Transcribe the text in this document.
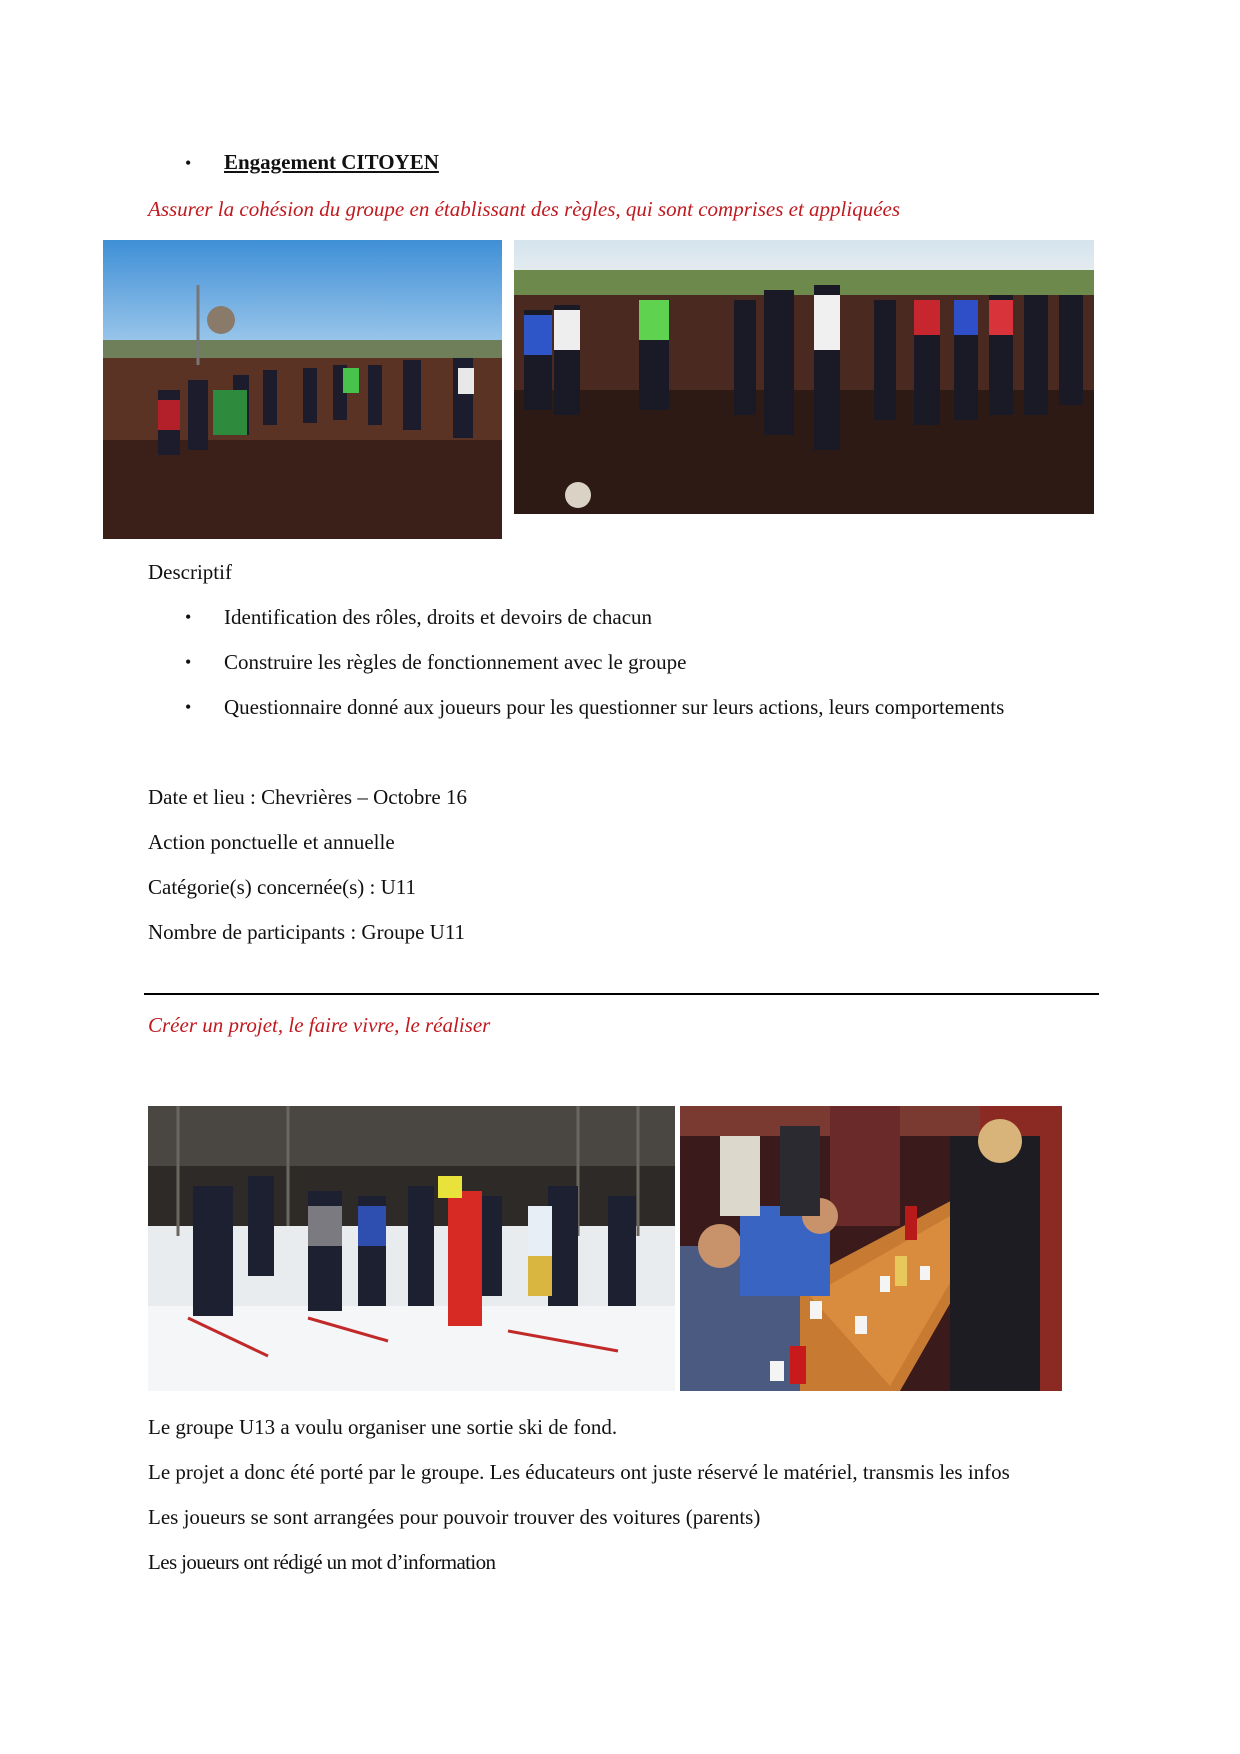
• Engagement CITOYEN
Assurer la cohésion du groupe en établissant des règles, qui sont comprises et appliquées
Descriptif
• Identification des rôles, droits et devoirs de chacun
• Construire les règles de fonctionnement avec le groupe
• Questionnaire donné aux joueurs pour les questionner sur leurs actions, leurs comportements
Date et lieu : Chevrières – Octobre 16
Action ponctuelle et annuelle
Catégorie(s) concernée(s) : U11
Nombre de participants : Groupe U11
Créer un projet, le faire vivre, le réaliser
Le groupe U13 a voulu organiser une sortie ski de fond.
Le projet a donc été porté par le groupe. Les éducateurs ont juste réservé le matériel, transmis les infos
Les joueurs se sont arrangées pour pouvoir trouver des voitures (parents)
Les joueurs ont rédigé un mot d’information
